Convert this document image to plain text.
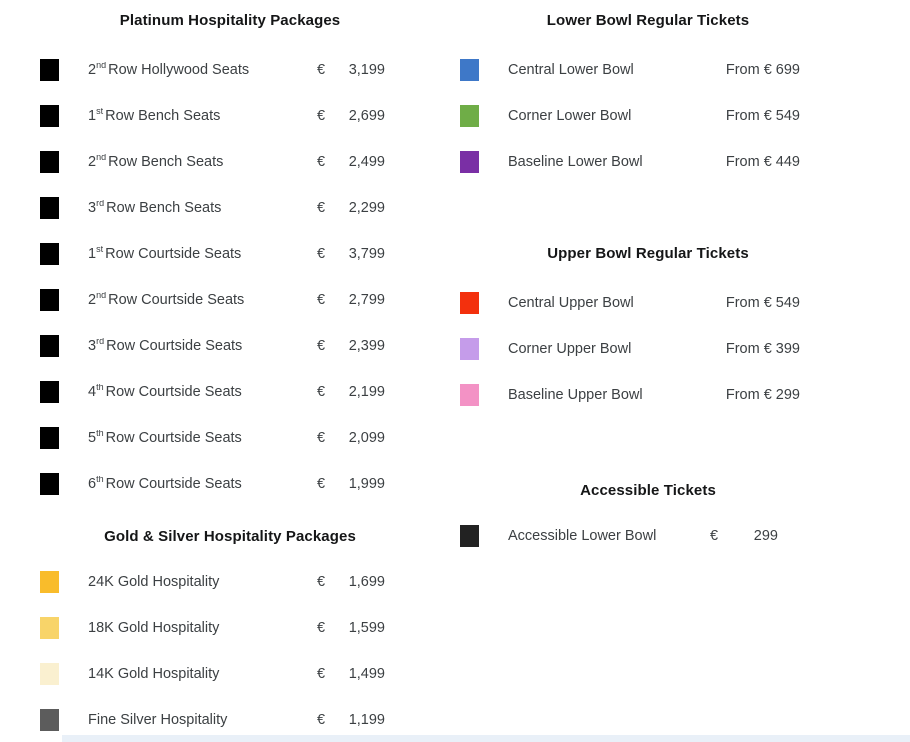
Platinum Hospitality Packages
2nd Row Hollywood Seats	€	3,199
1st Row Bench Seats	€	2,699
2nd Row Bench Seats	€	2,499
3rd Row Bench Seats	€	2,299
1st Row Courtside Seats	€	3,799
2nd Row Courtside Seats	€	2,799
3rd Row Courtside Seats	€	2,399
4th Row Courtside Seats	€	2,199
5th Row Courtside Seats	€	2,099
6th Row Courtside Seats	€	1,999
Gold & Silver Hospitality Packages
24K Gold Hospitality	€	1,699
18K Gold Hospitality	€	1,599
14K Gold Hospitality	€	1,499
Fine Silver Hospitality	€	1,199
Lower Bowl Regular Tickets
Central Lower Bowl	From € 699
Corner Lower Bowl	From € 549
Baseline Lower Bowl	From € 449
Upper Bowl Regular Tickets
Central Upper Bowl	From € 549
Corner Upper Bowl	From € 399
Baseline Upper Bowl	From € 299
Accessible Tickets
Accessible Lower Bowl	€	299
